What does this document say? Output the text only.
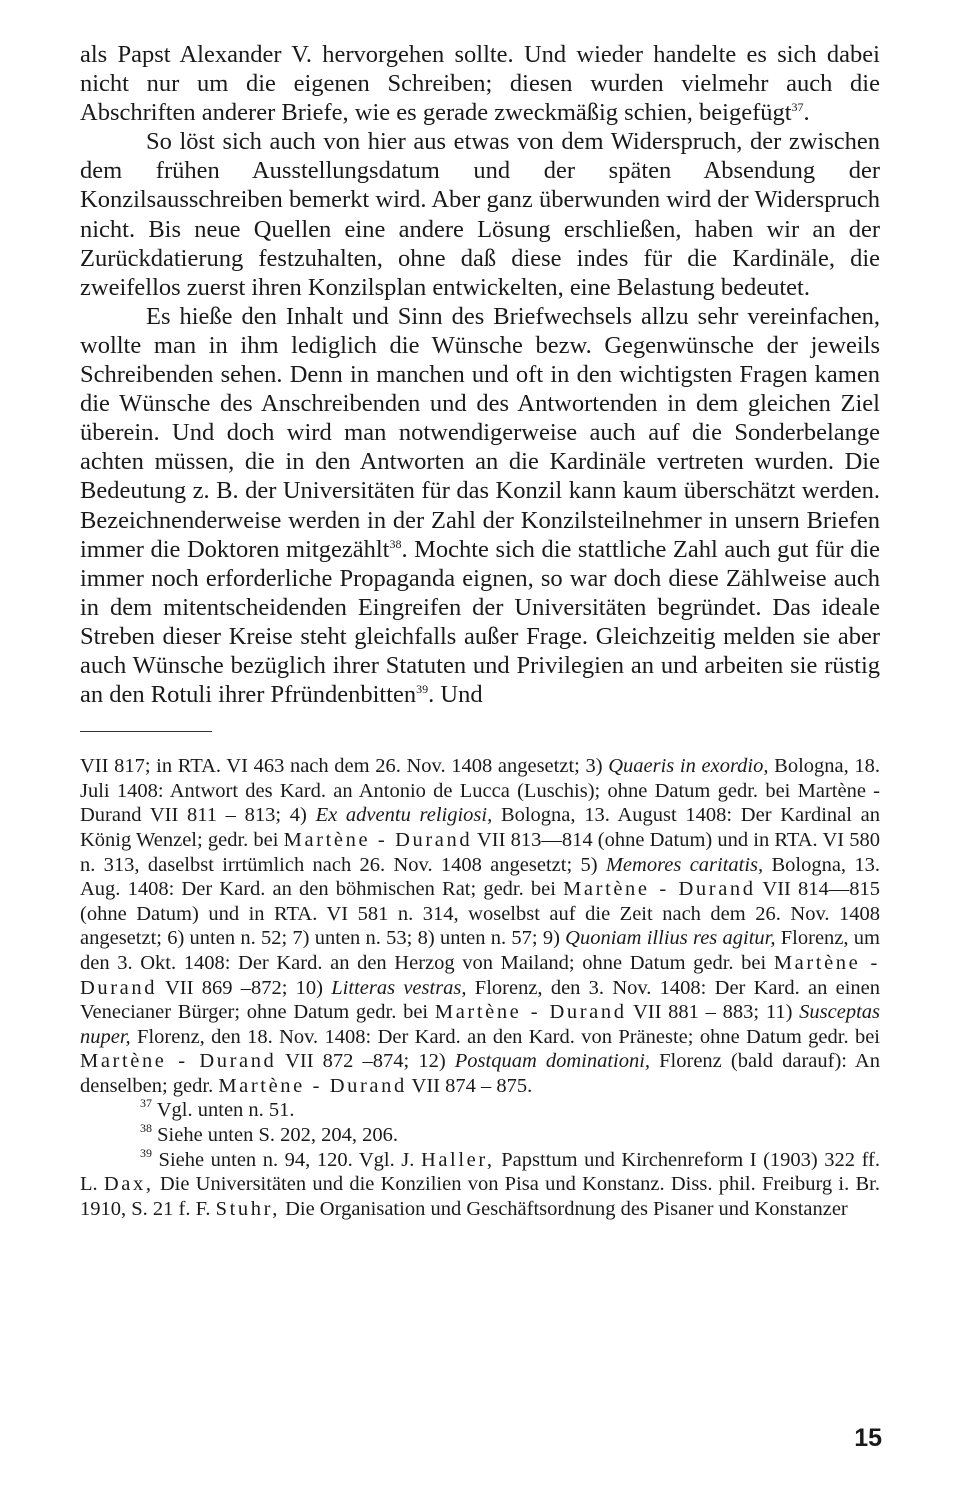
als Papst Alexander V. hervorgehen sollte. Und wieder handelte es sich dabei nicht nur um die eigenen Schreiben; diesen wurden vielmehr auch die Abschriften anderer Briefe, wie es gerade zweckmäßig schien, beigefügt$^{37}$.

So löst sich auch von hier aus etwas von dem Widerspruch, der zwischen dem frühen Ausstellungsdatum und der späten Absendung der Konzilsausschreiben bemerkt wird. Aber ganz überwunden wird der Widerspruch nicht. Bis neue Quellen eine andere Lösung erschließen, haben wir an der Zurückdatierung festzuhalten, ohne daß diese indes für die Kardinäle, die zweifellos zuerst ihren Konzilsplan entwickelten, eine Belastung bedeutet.

Es hieße den Inhalt und Sinn des Briefwechsels allzu sehr vereinfachen, wollte man in ihm lediglich die Wünsche bezw. Gegenwünsche der jeweils Schreibenden sehen. Denn in manchen und oft in den wichtigsten Fragen kamen die Wünsche des Anschreibenden und des Antwortenden in dem gleichen Ziel überein. Und doch wird man notwendigerweise auch auf die Sonderbelange achten müssen, die in den Antworten an die Kardinäle vertreten wurden. Die Bedeutung z. B. der Universitäten für das Konzil kann kaum überschätzt werden. Bezeichnenderweise werden in der Zahl der Konzilsteilnehmer in unsern Briefen immer die Doktoren mitgezählt$^{38}$. Mochte sich die stattliche Zahl auch gut für die immer noch erforderliche Propaganda eignen, so war doch diese Zählweise auch in dem mitentscheidenden Eingreifen der Universitäten begründet. Das ideale Streben dieser Kreise steht gleichfalls außer Frage. Gleichzeitig melden sie aber auch Wünsche bezüglich ihrer Statuten und Privilegien an und arbeiten sie rüstig an den Rotuli ihrer Pfründenbitten$^{39}$. Und

VII 817; in RTA. VI 463 nach dem 26. Nov. 1408 angesetzt; 3) Quaeris in exordio, Bologna, 18. Juli 1408: Antwort des Kard. an Antonio de Lucca (Luschis); ohne Datum gedr. bei Martène - Durand VII 811 – 813; 4) Ex adventu religiosi, Bologna, 13. August 1408: Der Kardinal an König Wenzel; gedr. bei Martène - Durand VII 813—814 (ohne Datum) und in RTA. VI 580 n. 313, daselbst irrtümlich nach 26. Nov. 1408 angesetzt; 5) Memores caritatis, Bologna, 13. Aug. 1408: Der Kard. an den böhmischen Rat; gedr. bei Martène - Durand VII 814—815 (ohne Datum) und in RTA. VI 581 n. 314, woselbst auf die Zeit nach dem 26. Nov. 1408 angesetzt; 6) unten n. 52; 7) unten n. 53; 8) unten n. 57; 9) Quoniam illius res agitur, Florenz, um den 3. Okt. 1408: Der Kard. an den Herzog von Mailand; ohne Datum gedr. bei Martène - Durand VII 869 –872; 10) Litteras vestras, Florenz, den 3. Nov. 1408: Der Kard. an einen Venecianer Bürger; ohne Datum gedr. bei Martène - Durand VII 881 – 883; 11) Susceptas nuper, Florenz, den 18. Nov. 1408: Der Kard. an den Kard. von Präneste; ohne Datum gedr. bei Martène - Durand VII 872 –874; 12) Postquam dominationi, Florenz (bald darauf): An denselben; gedr. Martène - Durand VII 874 – 875.

$^{37}$ Vgl. unten n. 51.

$^{38}$ Siehe unten S. 202, 204, 206.

$^{39}$ Siehe unten n. 94, 120. Vgl. J. Haller, Papsttum und Kirchenreform I (1903) 322 ff. L. Dax, Die Universitäten und die Konzilien von Pisa und Konstanz. Diss. phil. Freiburg i. Br. 1910, S. 21 f. F. Stuhr, Die Organisation und Geschäftsordnung des Pisaner und Konstanzer

15
